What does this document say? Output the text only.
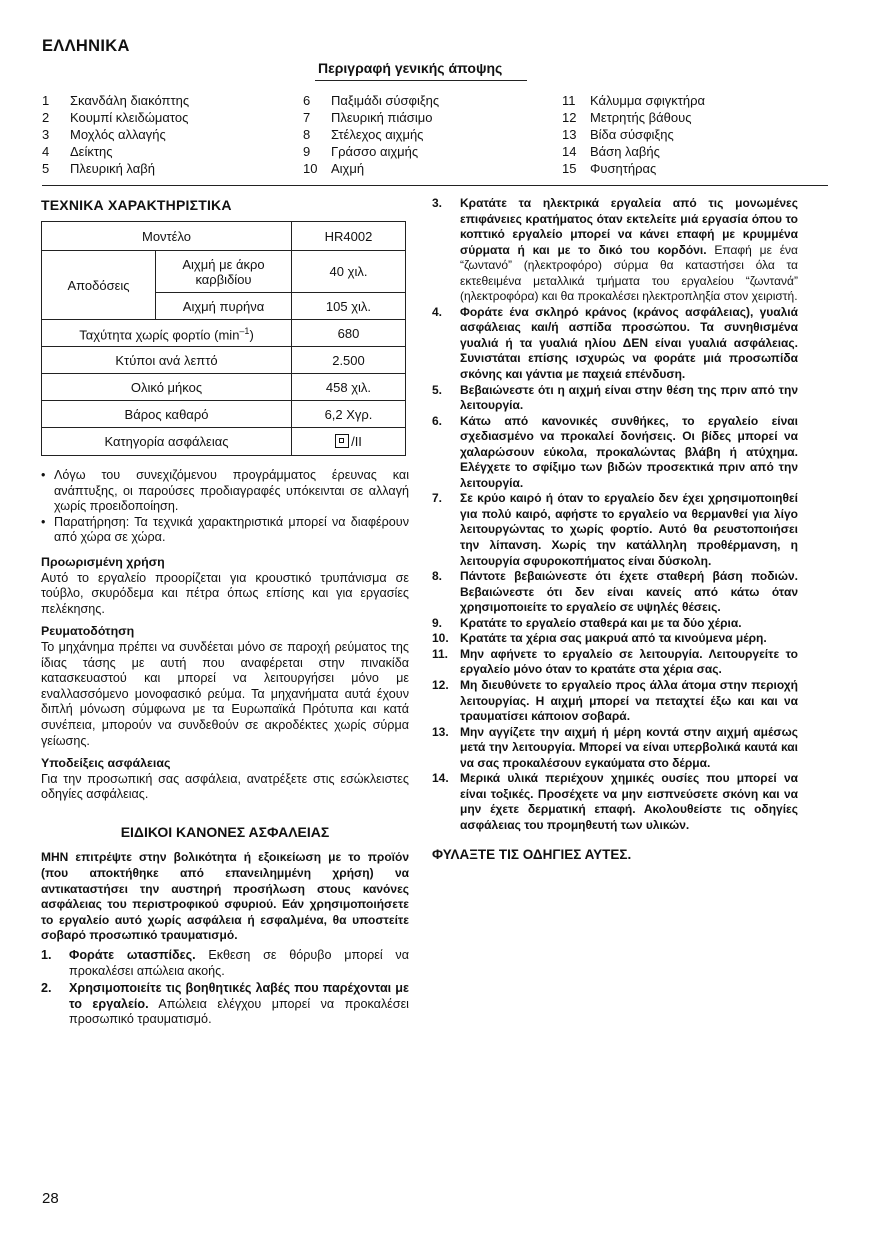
ΕΛΛΗΝΙΚΑ
Περιγραφή γενικής άποψης
1	Σκανδάλη διακόπτης
2	Κουμπί κλειδώματος
3	Μοχλός αλλαγής
4	Δείκτης
5	Πλευρική λαβή
6	Παξιμάδι σύσφιξης
7	Πλευρική πιάσιμο
8	Στέλεχος αιχμής
9	Γράσσο αιχμής
10	Αιχμή
11	Κάλυμμα σφιγκτήρα
12	Μετρητής βάθους
13	Βίδα σύσφιξης
14	Βάση λαβής
15	Φυσητήρας
ΤΕΧΝΙΚΑ ΧΑΡΑΚΤΗΡΙΣΤΙΚΑ
Μοντέλο		HR4002
Αποδόσεις	Αιχμή με άκρο καρβιδίου	40 χιλ.
	Αιχμή πυρήνα	105 χιλ.
Ταχύτητα χωρίς φορτίο $(\min^{-1})$		680
Κτύποι ανά λεπτό		2.500
Ολικό μήκος		458 χιλ.
Βάρος καθαρό		6,2 Χγρ.
Κατηγορία ασφάλειας		/II
• Λόγω του συνεχιζόμενου προγράμματος έρευνας και ανάπτυξης, οι παρούσες προδιαγραφές υπόκεινται σε αλλαγή χωρίς προειδοποίηση.
• Παρατήρηση: Τα τεχνικά χαρακτηριστικά μπορεί να διαφέρουν από χώρα σε χώρα.
Προωρισμένη χρήση
Αυτό το εργαλείο προορίζεται για κρουστικό τρυπάνισμα σε τούβλο, σκυρόδεμα και πέτρα όπως επίσης και για εργασίες πελέκησης.
Ρευματοδότηση
Το μηχάνημα πρέπει να συνδέεται μόνο σε παροχή ρεύματος της ίδιας τάσης με αυτή που αναφέρεται στην πινακίδα κατασκευαστού και μπορεί να λειτουργήσει μόνο με εναλλασσόμενο μονοφασικό ρεύμα. Τα μηχανήματα αυτά έχουν διπλή μόνωση σύμφωνα με τα Ευρωπαϊκά Πρότυπα και κατά συνέπεια, μπορούν να συνδεθούν σε ακροδέκτες χωρίς σύρμα γείωσης.
Υποδείξεις ασφάλειας
Για την προσωπική σας ασφάλεια, ανατρέξετε στις εσώκλειστες οδηγίες ασφάλειας.
ΕΙΔΙΚΟΙ ΚΑΝΟΝΕΣ ΑΣΦΑΛΕΙΑΣ
ΜΗΝ επιτρέψτε στην βολικότητα ή εξοικείωση με το προϊόν (που αποκτήθηκε από επανειλημμένη χρήση) να αντικαταστήσει την αυστηρή προσήλωση στους κανόνες ασφάλειας του περιστροφικού σφυριού. Εάν χρησιμοποιήσετε το εργαλείο αυτό χωρίς ασφάλεια ή εσφαλμένα, θα υποστείτε σοβαρό προσωπικό τραυματισμό.
1.	Φοράτε ωτασπίδες. Εκθεση σε θόρυβο μπορεί να προκαλέσει απώλεια ακοής.
2.	Χρησιμοποιείτε τις βοηθητικές λαβές που παρέχονται με το εργαλείο. Απώλεια ελέγχου μπορεί να προκαλέσει προσωπικό τραυματισμό.
3.	Κρατάτε τα ηλεκτρικά εργαλεία από τις μονωμένες επιφάνειες κρατήματος όταν εκτελείτε μιά εργασία όπου το κοπτικό εργαλείο μπορεί να κάνει επαφή με κρυμμένα σύρματα ή και με το δικό του κορδόνι. Επαφή με ένα “ζωντανό” (ηλεκτροφόρο) σύρμα θα καταστήσει όλα τα εκτεθειμένα μεταλλικά τμήματα του εργαλείου “ζωντανά” (ηλεκτροφόρα) και θα προκαλέσει ηλεκτροπληξία στον χειριστή.
4.	Φοράτε ένα σκληρό κράνος (κράνος ασφάλειας), γυαλιά ασφάλειας και/ή ασπίδα προσώπου. Τα συνηθισμένα γυαλιά ή τα γυαλιά ηλίου ΔΕΝ είναι γυαλιά ασφάλειας. Συνιστάται επίσης ισχυρώς να φοράτε μιά προσωπίδα σκόνης και γάντια με παχειά επένδυση.
5.	Βεβαιώνεστε ότι η αιχμή είναι στην θέση της πριν από την λειτουργία.
6.	Κάτω από κανονικές συνθήκες, το εργαλείο είναι σχεδιασμένο να προκαλεί δονήσεις. Οι βίδες μπορεί να χαλαρώσουν εύκολα, προκαλώντας βλάβη ή ατύχημα. Ελέγχετε το σφίξιμο των βιδών προσεκτικά πριν από την λειτουργία.
7.	Σε κρύο καιρό ή όταν το εργαλείο δεν έχει χρησιμοποιηθεί για πολύ καιρό, αφήστε το εργαλείο να θερμανθεί για λίγο λειτουργώντας το χωρίς φορτίο. Αυτό θα ρευστοποιήσει την λίπανση. Χωρίς την κατάλληλη προθέρμανση, η λειτουργία σφυροκοπήματος είναι δύσκολη.
8.	Πάντοτε βεβαιώνεστε ότι έχετε σταθερή βάση ποδιών. Βεβαιώνεστε ότι δεν είναι κανείς από κάτω όταν χρησιμοποιείτε το εργαλείο σε υψηλές θέσεις.
9.	Κρατάτε το εργαλείο σταθερά και με τα δύο χέρια.
10. Κρατάτε τα χέρια σας μακρυά από τα κινούμενα μέρη.
11. Μην αφήνετε το εργαλείο σε λειτουργία. Λειτουργείτε το εργαλείο μόνο όταν το κρατάτε στα χέρια σας.
12. Μη διευθύνετε το εργαλείο προς άλλα άτομα στην περιοχή λειτουργίας. Η αιχμή μπορεί να πεταχτεί έξω και και να τραυματίσει κάποιον σοβαρά.
13. Μην αγγίζετε την αιχμή ή μέρη κοντά στην αιχμή αμέσως μετά την λειτουργία. Μπορεί να είναι υπερβολικά καυτά και να σας προκαλέσουν εγκαύματα στο δέρμα.
14. Μερικά υλικά περιέχουν χημικές ουσίες που μπορεί να είναι τοξικές. Προσέχετε να μην εισπνεύσετε σκόνη και να μην έχετε δερματική επαφή. Ακολουθείστε τις οδηγίες ασφάλειας του προμηθευτή των υλικών.
ΦΥΛΑΞΤΕ ΤΙΣ ΟΔΗΓΙΕΣ ΑΥΤΕΣ.
28
